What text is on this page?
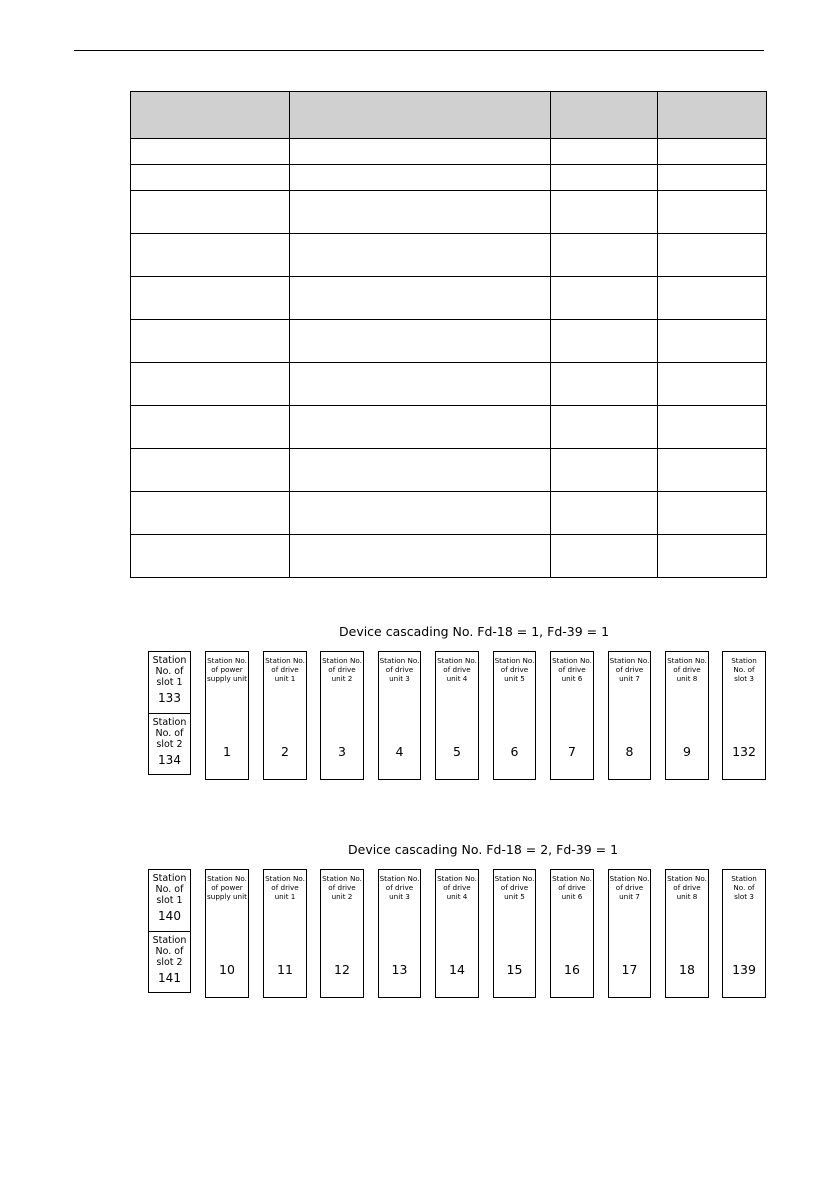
Device cascading No. Fd-18 = 1, Fd-39 = 1
Station
No. of
slot 1
133
Station
No. of
slot 2
134
Station No.
of power
supply unit
1
Station No.
of drive
unit 1
2
Station No.
of drive
unit 2
3
Station No.
of drive
unit 3
4
Station No.
of drive
unit 4
5
Station No.
of drive
unit 5
6
Station No.
of drive
unit 6
7
Station No.
of drive
unit 7
8
Station No.
of drive
unit 8
9
Station
No. of
slot 3
132
Device cascading No. Fd-18 = 2, Fd-39 = 1
Station
No. of
slot 1
140
Station
No. of
slot 2
141
Station No.
of power
supply unit
10
Station No.
of drive
unit 1
11
Station No.
of drive
unit 2
12
Station No.
of drive
unit 3
13
Station No.
of drive
unit 4
14
Station No.
of drive
unit 5
15
Station No.
of drive
unit 6
16
Station No.
of drive
unit 7
17
Station No.
of drive
unit 8
18
Station
No. of
slot 3
139
